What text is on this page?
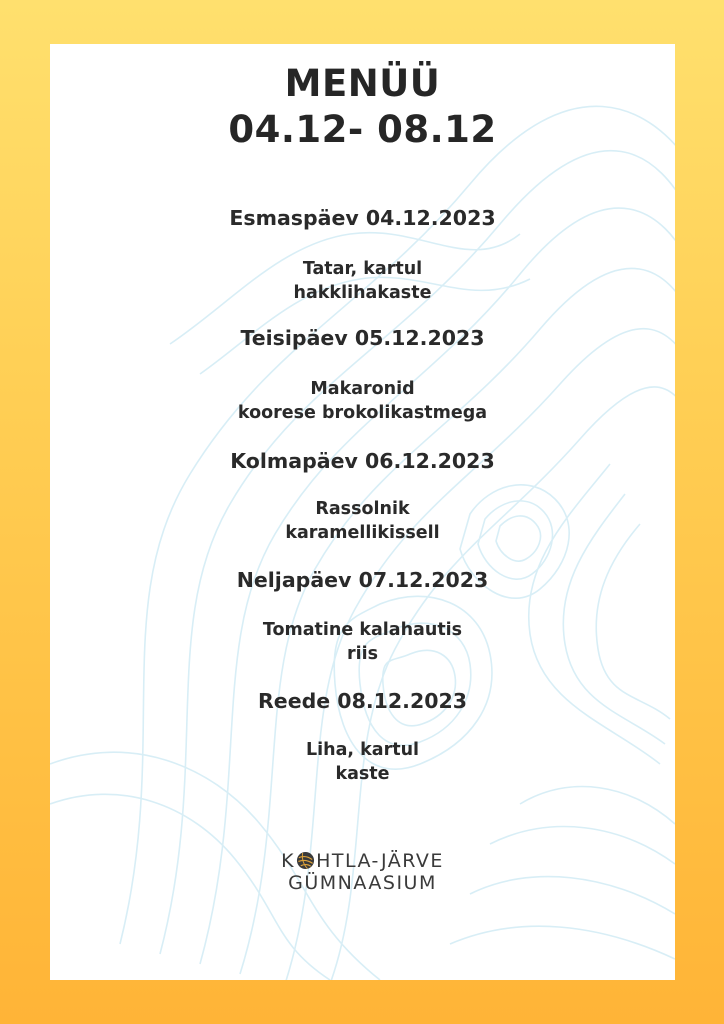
MENÜÜ
04.12- 08.12
Esmaspäev 04.12.2023
Tatar, kartul
hakklihakaste
Teisipäev 05.12.2023
Makaronid
koorese brokolikastmega
Kolmapäev 06.12.2023
Rassolnik
karamellikissell
Neljapäev 07.12.2023
Tomatine kalahautis
riis
Reede 08.12.2023
Liha, kartul
kaste
K HTLA-JÄRVE
GÜMNAASIUM
